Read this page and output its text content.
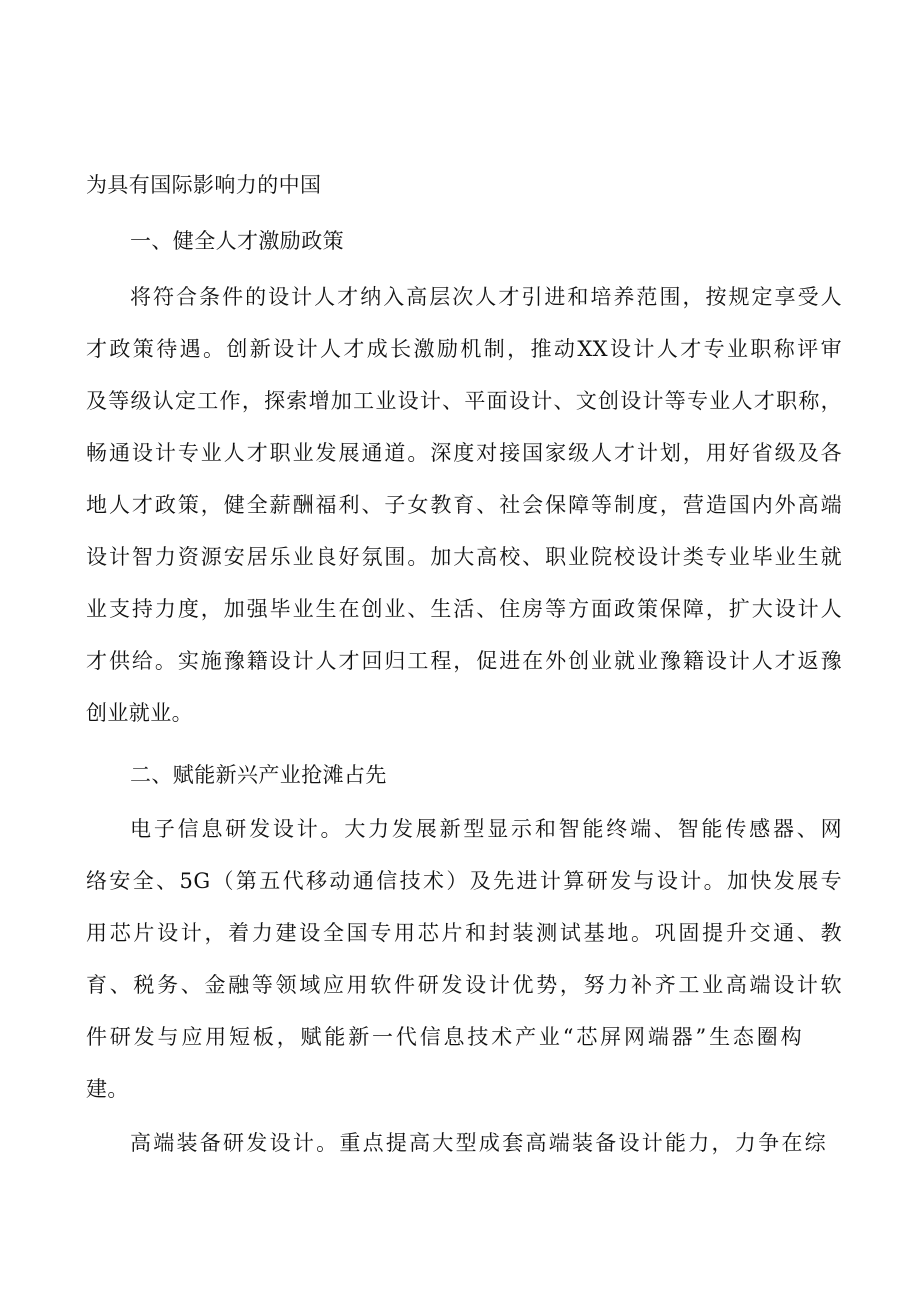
为具有国际影响力的中国
一、健全人才激励政策
将符合条件的设计人才纳入高层次人才引进和培养范围，按规定享受人
才政策待遇。创新设计人才成长激励机制，推动XX设计人才专业职称评审
及等级认定工作，探索增加工业设计、平面设计、文创设计等专业人才职称，
畅通设计专业人才职业发展通道。深度对接国家级人才计划，用好省级及各
地人才政策，健全薪酬福利、子女教育、社会保障等制度，营造国内外高端
设计智力资源安居乐业良好氛围。加大高校、职业院校设计类专业毕业生就
业支持力度，加强毕业生在创业、生活、住房等方面政策保障，扩大设计人
才供给。实施豫籍设计人才回归工程，促进在外创业就业豫籍设计人才返豫
创业就业。
二、赋能新兴产业抢滩占先
电子信息研发设计。大力发展新型显示和智能终端、智能传感器、网
络安全、5G（第五代移动通信技术）及先进计算研发与设计。加快发展专
用芯片设计，着力建设全国专用芯片和封装测试基地。巩固提升交通、教
育、税务、金融等领域应用软件研发设计优势，努力补齐工业高端设计软
件研发与应用短板，赋能新一代信息技术产业“芯屏网端器”生态圈构
建。
高端装备研发设计。重点提高大型成套高端装备设计能力，力争在综
